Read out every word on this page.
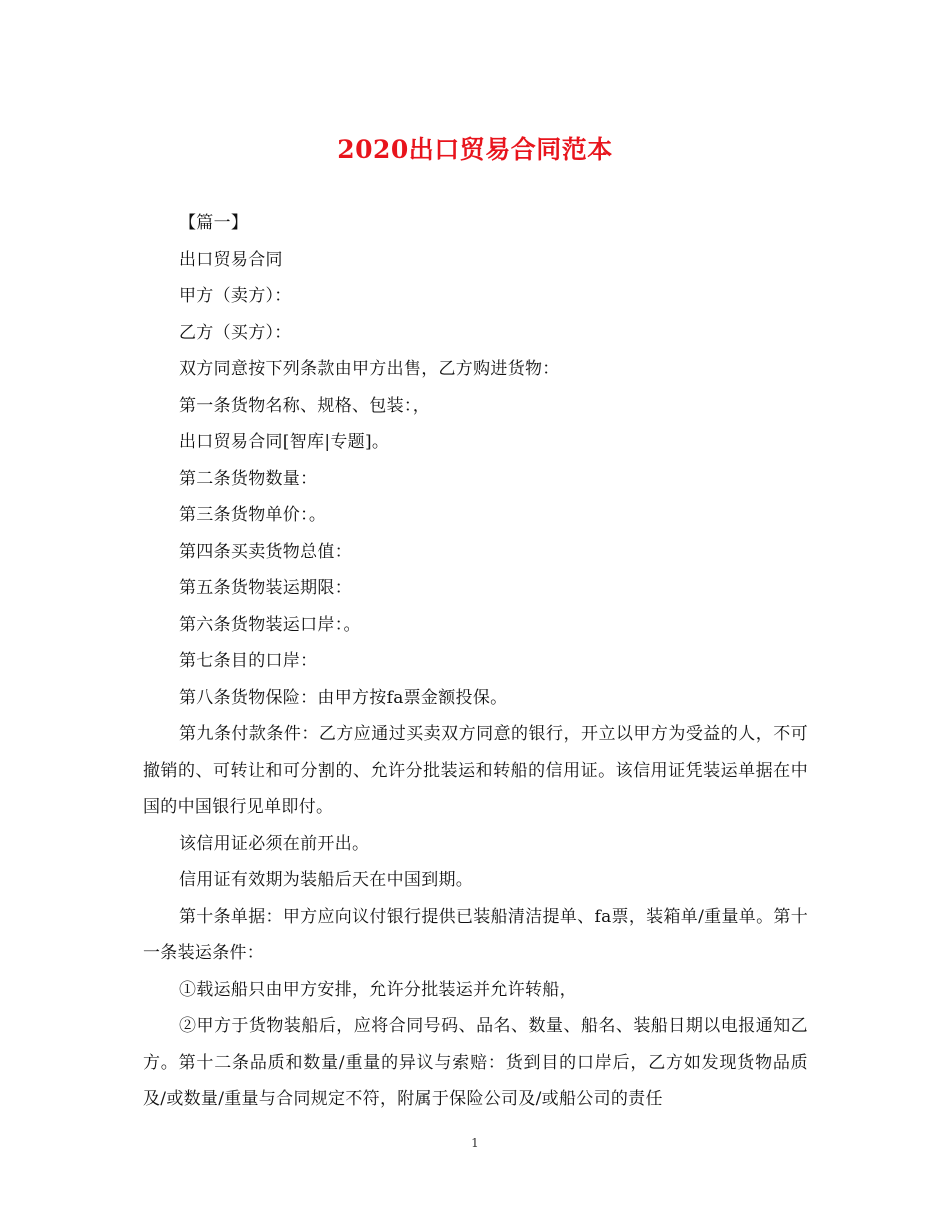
2020出口贸易合同范本

【篇一】

出口贸易合同

甲方（卖方）：

乙方（买方）：

双方同意按下列条款由甲方出售，乙方购进货物：

第一条货物名称、规格、包装：，

出口贸易合同[智库|专题]。

第二条货物数量：

第三条货物单价：。

第四条买卖货物总值：

第五条货物装运期限：

第六条货物装运口岸：。

第七条目的口岸：

第八条货物保险：由甲方按fa票金额投保。

第九条付款条件：乙方应通过买卖双方同意的银行，开立以甲方为受益的人，不可撤销的、可转让和可分割的、允许分批装运和转船的信用证。该信用证凭装运单据在中国的中国银行见单即付。

该信用证必须在前开出。

信用证有效期为装船后天在中国到期。

第十条单据：甲方应向议付银行提供已装船清洁提单、fa票，装箱单/重量单。第十一条装运条件：

①载运船只由甲方安排，允许分批装运并允许转船，

②甲方于货物装船后，应将合同号码、品名、数量、船名、装船日期以电报通知乙方。第十二条品质和数量/重量的异议与索赔：货到目的口岸后，乙方如发现货物品质及/或数量/重量与合同规定不符，附属于保险公司及/或船公司的责任

1
